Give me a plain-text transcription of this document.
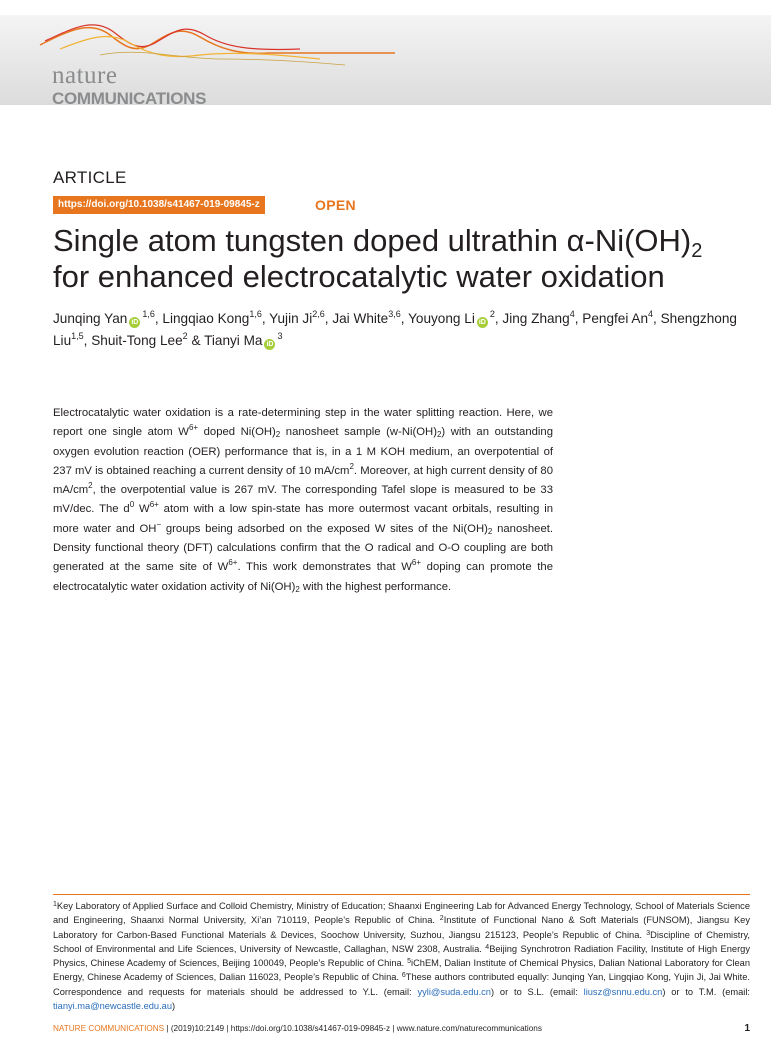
nature
COMMUNICATIONS
ARTICLE
https://doi.org/10.1038/s41467-019-09845-z	OPEN
Single atom tungsten doped ultrathin $\alpha-Ni(OH)_2$
for enhanced electrocatalytic water oxidation
Junqing Yan iD$^{1,6}$, Lingqiao Kong$^{1,6}$, Yujin Ji$^{2,6}$, Jai White$^{3,6}$, Youyong Li $iD^2$, Jing Zhang$^4$, Pengfei An$^4$, Shengzhong Liu$^{1,5}$, Shuit-Tong Lee$^2$ & Tianyi Ma $iD^3$

Electrocatalytic water oxidation is a rate-determining step in the water splitting reaction. Here, we report one single atom $W^{6+}$ doped $Ni(OH)_2$ nanosheet sample $(w-Ni(OH)_2)$ with an outstanding oxygen evolution reaction (OER) performance that is, in a 1 M KOH medium, an overpotential of 237 mV is obtained reaching a current density of 10 $mA/cm^2$. Moreover, at high current density of 80 $mA/cm^2$, the overpotential value is 267 mV. The corresponding Tafel slope is measured to be 33 mV/dec. The $d^0$ $W^{6+}$ atom with a low spin-state has more outermost vacant orbitals, resulting in more water and OH− groups being adsorbed on the exposed W sites of the $Ni(OH)_2$ nanosheet. Density functional theory (DFT) calculations confirm that the O radical and O-O coupling are both generated at the same site of $W^{6+}$. This work demonstrates that $W^{6+}$ doping can promote the electrocatalytic water oxidation activity of $Ni(OH)_2$ with the highest performance.

$^1$Key Laboratory of Applied Surface and Colloid Chemistry, Ministry of Education; Shaanxi Engineering Lab for Advanced Energy Technology, School of Materials Science and Engineering, Shaanxi Normal University, Xi’an 710119, People’s Republic of China. $^2$Institute of Functional Nano & Soft Materials (FUNSOM), Jiangsu Key Laboratory for Carbon-Based Functional Materials & Devices, Soochow University, Suzhou, Jiangsu 215123, People’s Republic of China. $^3$Discipline of Chemistry, School of Environmental and Life Sciences, University of Newcastle, Callaghan, NSW 2308, Australia. $^4$Beijing Synchrotron Radiation Facility, Institute of High Energy Physics, Chinese Academy of Sciences, Beijing 100049, People’s Republic of China. $^5$iChEM, Dalian Institute of Chemical Physics, Dalian National Laboratory for Clean Energy, Chinese Academy of Sciences, Dalian 116023, People’s Republic of China. $^6$These authors contributed equally: Junqing Yan, Lingqiao Kong, Yujin Ji, Jai White. Correspondence and requests for materials should be addressed to Y.L. (email: yyli@suda.edu.cn) or to S.L. (email: liusz@snnu.edu.cn) or to T.M. (email: tianyi.ma@newcastle.edu.au)

NATURE COMMUNICATIONS | (2019)10:2149 | https://doi.org/10.1038/s41467-019-09845-z | www.nature.com/naturecommunications	1
